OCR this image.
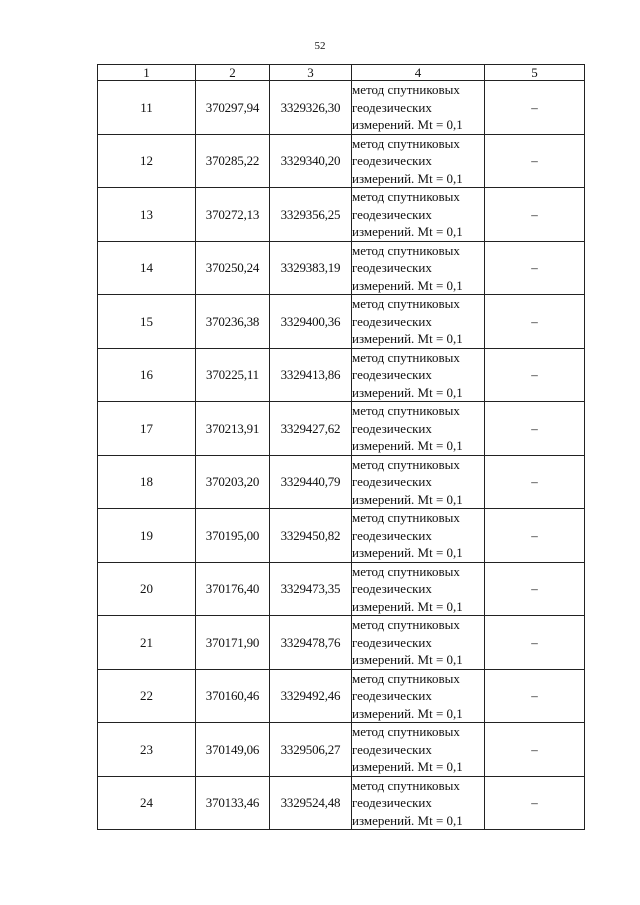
52
1	2	3	4	5
11	370297,94	3329326,30	метод спутниковых
геодезических
измерений. Mt = 0,1	–
12	370285,22	3329340,20	метод спутниковых
геодезических
измерений. Mt = 0,1	–
13	370272,13	3329356,25	метод спутниковых
геодезических
измерений. Mt = 0,1	–
14	370250,24	3329383,19	метод спутниковых
геодезических
измерений. Mt = 0,1	–
15	370236,38	3329400,36	метод спутниковых
геодезических
измерений. Mt = 0,1	–
16	370225,11	3329413,86	метод спутниковых
геодезических
измерений. Mt = 0,1	–
17	370213,91	3329427,62	метод спутниковых
геодезических
измерений. Mt = 0,1	–
18	370203,20	3329440,79	метод спутниковых
геодезических
измерений. Mt = 0,1	–
19	370195,00	3329450,82	метод спутниковых
геодезических
измерений. Mt = 0,1	–
20	370176,40	3329473,35	метод спутниковых
геодезических
измерений. Mt = 0,1	–
21	370171,90	3329478,76	метод спутниковых
геодезических
измерений. Mt = 0,1	–
22	370160,46	3329492,46	метод спутниковых
геодезических
измерений. Mt = 0,1	–
23	370149,06	3329506,27	метод спутниковых
геодезических
измерений. Mt = 0,1	–
24	370133,46	3329524,48	метод спутниковых
геодезических
измерений. Mt = 0,1	–
